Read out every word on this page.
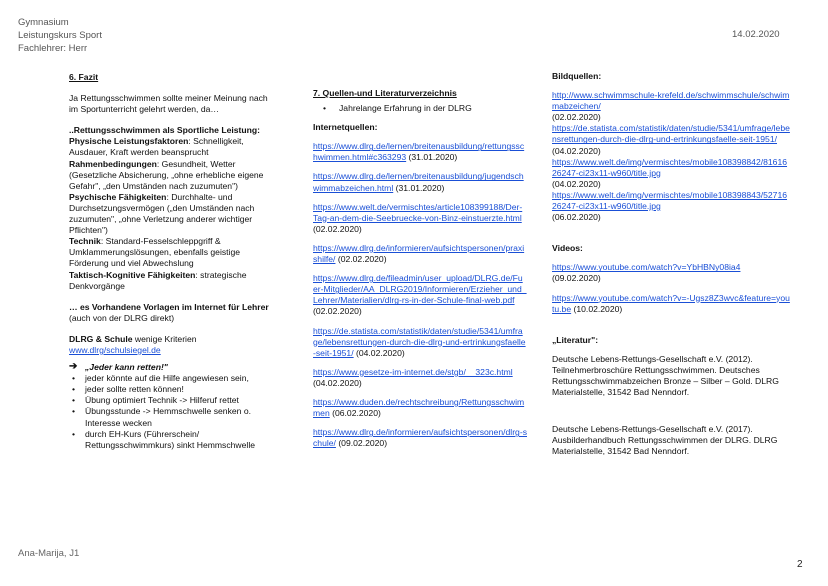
Gymnasium
Leistungskurs Sport
Fachlehrer: Herr
14.02.2020

6. Fazit

Ja Rettungsschwimmen sollte meiner Meinung nach im Sportunterricht gelehrt werden, da…

..Rettungsschwimmen als Sportliche Leistung:

Physische Leistungsfaktoren: Schnelligkeit, Ausdauer, Kraft werden beansprucht

Rahmenbedingungen: Gesundheit, Wetter (Gesetzliche Absicherung, „ohne erhebliche eigene Gefahr", „den Umständen nach zuzumuten")

Psychische Fähigkeiten: Durchhalte- und Durchsetzungsvermögen („den Umständen nach zuzumuten", „ohne Verletzung anderer wichtiger Pflichten")

Technik: Standard-Fesselschleppgriff & Umklammerungslösungen, ebenfalls geistige Förderung und viel Abwechslung

Taktisch-Kognitive Fähigkeiten: strategische Denkvorgänge

… es Vorhandene Vorlagen im Internet für Lehrer (auch von der DLRG direkt)

DLRG & Schule wenige Kriterien

www.dlrg/schulsiegel.de

➔ „Jeder kann retten!"
• jeder könnte auf die Hilfe angewiesen sein,
• jeder sollte retten können!
• Übung optimiert Technik -> Hilferuf rettet
• Übungsstunde -> Hemmschwelle senken o. Interesse wecken
• durch EH-Kurs (Führerschein/ Rettungsschwimmkurs) sinkt Hemmschwelle

7. Quellen-und Literaturverzeichnis

• Jahrelange Erfahrung in der DLRG

Internetquellen:

https://www.dlrg.de/lernen/breitenausbildung/rettungsschwimmen.html#c363293 (31.01.2020)

https://www.dlrg.de/lernen/breitenausbildung/jugendschwimmabzeichen.html (31.01.2020)

https://www.welt.de/vermischtes/article108399188/Der-Tag-an-dem-die-Seebruecke-von-Binz-einstuerzte.html (02.02.2020)

https://www.dlrg.de/informieren/aufsichtspersonen/praxishilfe/ (02.02.2020)

https://www.dlrg.de/fileadmin/user_upload/DLRG.de/Fuer-Mitglieder/AA_DLRG2019/Informieren/Erzieher_und_Lehrer/Materialien/dlrg-rs-in-der-Schule-final-web.pdf (02.02.2020)

https://de.statista.com/statistik/daten/studie/5341/umfrage/lebensrettungen-durch-die-dlrg-und-ertrinkungsfaelle-seit-1951/ (04.02.2020)

https://www.gesetze-im-internet.de/stgb/__323c.html (04.02.2020)

https://www.duden.de/rechtschreibung/Rettungsschwimmen (06.02.2020)

https://www.dlrg.de/informieren/aufsichtspersonen/dlrg-schule/ (09.02.2020)

Bildquellen:

http://www.schwimmschule-krefeld.de/schwimmschule/schwimmabzeichen/
(02.02.2020)

https://de.statista.com/statistik/daten/studie/5341/umfrage/lebensrettungen-durch-die-dlrg-und-ertrinkungsfaelle-seit-1951/ (04.02.2020)

https://www.welt.de/img/vermischtes/mobile108398842/8161626247-ci23x11-w960/title.jpg
(04.02.2020)

https://www.welt.de/img/vermischtes/mobile108398843/5271626247-ci23x11-w960/title.jpg
(06.02.2020)

Videos:

https://www.youtube.com/watch?v=YbHBNy08ia4
(09.02.2020)

https://www.youtube.com/watch?v=-Ugsz8Z3wvc&feature=youtu.be (10.02.2020)

„Literatur":

Deutsche Lebens-Rettungs-Gesellschaft e.V. (2012). Teilnehmerbroschüre Rettungsschwimmen. Deutsches Rettungsschwimmabzeichen Bronze – Silber – Gold. DLRG Materialstelle, 31542 Bad Nenndorf.

Deutsche Lebens-Rettungs-Gesellschaft e.V. (2017). Ausbilderhandbuch Rettungsschwimmen der DLRG. DLRG Materialstelle, 31542 Bad Nenndorf.

Ana-Marija, J1
2
